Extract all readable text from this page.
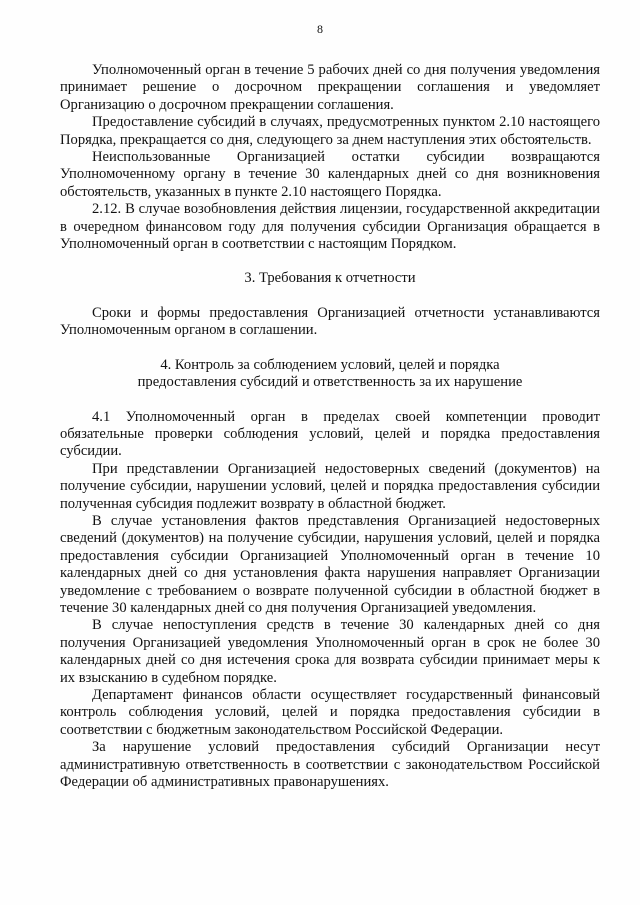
8

Уполномоченный орган в течение 5 рабочих дней со дня получения уведомления принимает решение о досрочном прекращении соглашения и уведомляет Организацию о досрочном прекращении соглашения.

Предоставление субсидий в случаях, предусмотренных пунктом 2.10 настоящего Порядка, прекращается со дня, следующего за днем наступления этих обстоятельств.

Неиспользованные Организацией остатки субсидии возвращаются Уполномоченному органу в течение 30 календарных дней со дня возникновения обстоятельств, указанных в пункте 2.10 настоящего Порядка.

2.12. В случае возобновления действия лицензии, государственной аккредитации в очередном финансовом году для получения субсидии Организация обращается в Уполномоченный орган в соответствии с настоящим Порядком.

3. Требования к отчетности

Сроки и формы предоставления Организацией отчетности устанавливаются Уполномоченным органом в соглашении.

4. Контроль за соблюдением условий, целей и порядка
предоставления субсидий и ответственность за их нарушение

4.1 Уполномоченный орган в пределах своей компетенции проводит обязательные проверки соблюдения условий, целей и порядка предоставления субсидии.

При представлении Организацией недостоверных сведений (документов) на получение субсидии, нарушении условий, целей и порядка предоставления субсидии полученная субсидия подлежит возврату в областной бюджет.

В случае установления фактов представления Организацией недостоверных сведений (документов) на получение субсидии, нарушения условий, целей и порядка предоставления субсидии Организацией Уполномоченный орган в течение 10 календарных дней со дня установления факта нарушения направляет Организации уведомление с требованием о возврате полученной субсидии в областной бюджет в течение 30 календарных дней со дня получения Организацией уведомления.

В случае непоступления средств в течение 30 календарных дней со дня получения Организацией уведомления Уполномоченный орган в срок не более 30 календарных дней со дня истечения срока для возврата субсидии принимает меры к их взысканию в судебном порядке.

Департамент финансов области осуществляет государственный финансовый контроль соблюдения условий, целей и порядка предоставления субсидии в соответствии с бюджетным законодательством Российской Федерации.

За нарушение условий предоставления субсидий Организации несут административную ответственность в соответствии с законодательством Российской Федерации об административных правонарушениях.
